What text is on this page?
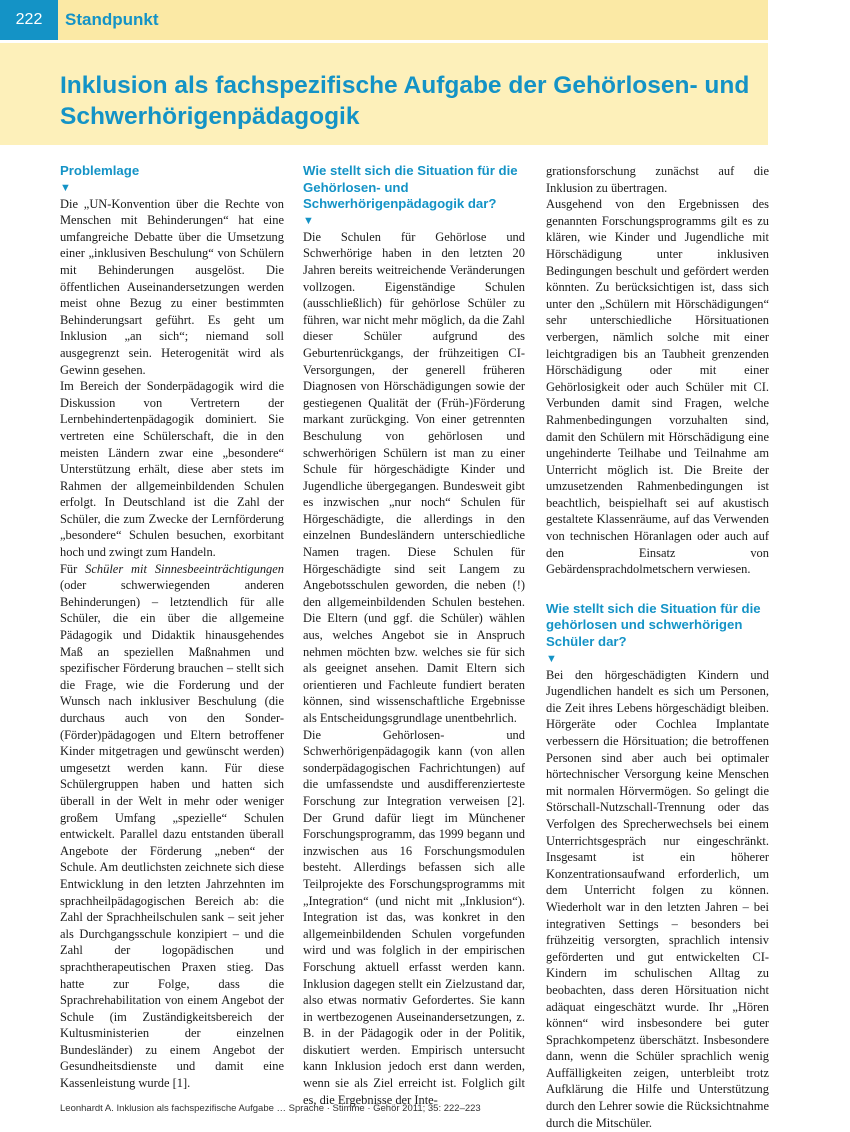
222	Standpunkt
Inklusion als fachspezifische Aufgabe der Gehörlosen- und Schwerhörigenpädagogik
Problemlage
▼

Die „UN-Konvention über die Rechte von Menschen mit Behinderungen“ hat eine umfangreiche Debatte über die Umsetzung einer „inklusiven Beschulung“ von Schülern mit Behinderungen ausgelöst. Die öffentlichen Auseinandersetzungen werden meist ohne Bezug zu einer bestimmten Behinderungsart geführt. Es geht um Inklusion „an sich“; niemand soll ausgegrenzt sein. Heterogenität wird als Gewinn gesehen.

Im Bereich der Sonderpädagogik wird die Diskussion von Vertretern der Lernbehindertenpädagogik dominiert. Sie vertreten eine Schülerschaft, die in den meisten Ländern zwar eine „besondere“ Unterstützung erhält, diese aber stets im Rahmen der allgemeinbildenden Schulen erfolgt. In Deutschland ist die Zahl der Schüler, die zum Zwecke der Lernförderung „besondere“ Schulen besuchen, exorbitant hoch und zwingt zum Handeln.

Für Schüler mit Sinnesbeeinträchtigungen (oder schwerwiegenden anderen Behinderungen) – letztendlich für alle Schüler, die ein über die allgemeine Pädagogik und Didaktik hinausgehendes Maß an speziellen Maßnahmen und spezifischer Förderung brauchen – stellt sich die Frage, wie die Forderung und der Wunsch nach inklusiver Beschulung (die durchaus auch von den Sonder-(Förder)pädagogen und Eltern betroffener Kinder mitgetragen und gewünscht werden) umgesetzt werden kann. Für diese Schülergruppen haben und hatten sich überall in der Welt in mehr oder weniger großem Umfang „spezielle“ Schulen entwickelt. Parallel dazu entstanden überall Angebote der Förderung „neben“ der Schule. Am deutlichsten zeichnete sich diese Entwicklung in den letzten Jahrzehnten im sprachheilpädagogischen Bereich ab: die Zahl der Sprachheilschulen sank – seit jeher als Durchgangsschule konzipiert – und die Zahl der logopädischen und sprachtherapeutischen Praxen stieg. Das hatte zur Folge, dass die Sprachrehabilitation von einem Angebot der Schule (im Zuständigkeitsbereich der Kultusministerien der einzelnen Bundesländer) zu einem Angebot der Gesundheitsdienste und damit eine Kassenleistung wurde [1].

Wie stellt sich die Situation für die Gehörlosen- und Schwerhörigenpädagogik dar?
▼

Die Schulen für Gehörlose und Schwerhörige haben in den letzten 20 Jahren bereits weitreichende Veränderungen vollzogen. Eigenständige Schulen (ausschließlich) für gehörlose Schüler zu führen, war nicht mehr möglich, da die Zahl dieser Schüler aufgrund des Geburtenrückgangs, der frühzeitigen CI-Versorgungen, der generell früheren Diagnosen von Hörschädigungen sowie der gestiegenen Qualität der (Früh-)Förderung markant zurückging. Von einer getrennten Beschulung von gehörlosen und schwerhörigen Schülern ist man zu einer Schule für hörgeschädigte Kinder und Jugendliche übergegangen. Bundesweit gibt es inzwischen „nur noch“ Schulen für Hörgeschädigte, die allerdings in den einzelnen Bundesländern unterschiedliche Namen tragen. Diese Schulen für Hörgeschädigte sind seit Langem zu Angebotsschulen geworden, die neben (!) den allgemeinbildenden Schulen bestehen. Die Eltern (und ggf. die Schüler) wählen aus, welches Angebot sie in Anspruch nehmen möchten bzw. welches sie für sich als geeignet ansehen. Damit Eltern sich orientieren und Fachleute fundiert beraten können, sind wissenschaftliche Ergebnisse als Entscheidungsgrundlage unentbehrlich.

Die Gehörlosen- und Schwerhörigenpädagogik kann (von allen sonderpädagogischen Fachrichtungen) auf die umfassendste und ausdifferenzierteste Forschung zur Integration verweisen [2]. Der Grund dafür liegt im Münchener Forschungsprogramm, das 1999 begann und inzwischen aus 16 Forschungsmodulen besteht. Allerdings befassen sich alle Teilprojekte des Forschungsprogramms mit „Integration“ (und nicht mit „Inklusion“). Integration ist das, was konkret in den allgemeinbildenden Schulen vorgefunden wird und was folglich in der empirischen Forschung aktuell erfasst werden kann. Inklusion dagegen stellt ein Zielzustand dar, also etwas normativ Gefordertes. Sie kann in wertbezogenen Auseinandersetzungen, z. B. in der Pädagogik oder in der Politik, diskutiert werden. Empirisch untersucht kann Inklusion jedoch erst dann werden, wenn sie als Ziel erreicht ist. Folglich gilt es, die Ergebnisse der Inte-

grationsforschung zunächst auf die Inklusion zu übertragen.

Ausgehend von den Ergebnissen des genannten Forschungsprogramms gilt es zu klären, wie Kinder und Jugendliche mit Hörschädigung unter inklusiven Bedingungen beschult und gefördert werden könnten. Zu berücksichtigen ist, dass sich unter den „Schülern mit Hörschädigungen“ sehr unterschiedliche Hörsituationen verbergen, nämlich solche mit einer leichtgradigen bis an Taubheit grenzenden Hörschädigung oder mit einer Gehörlosigkeit oder auch Schüler mit CI. Verbunden damit sind Fragen, welche Rahmenbedingungen vorzuhalten sind, damit den Schülern mit Hörschädigung eine ungehinderte Teilhabe und Teilnahme am Unterricht möglich ist. Die Breite der umzusetzenden Rahmenbedingungen ist beachtlich, beispielhaft sei auf akustisch gestaltete Klassenräume, auf das Verwenden von technischen Höranlagen oder auch auf den Einsatz von Gebärdensprachdolmetschern verwiesen.

Wie stellt sich die Situation für die gehörlosen und schwerhörigen Schüler dar?
▼

Bei den hörgeschädigten Kindern und Jugendlichen handelt es sich um Personen, die Zeit ihres Lebens hörgeschädigt bleiben. Hörgeräte oder Cochlea Implantate verbessern die Hörsituation; die betroffenen Personen sind aber auch bei optimaler hörtechnischer Versorgung keine Menschen mit normalen Hörvermögen. So gelingt die Störschall-Nutzschall-Trennung oder das Verfolgen des Sprecherwechsels bei einem Unterrichtsgespräch nur eingeschränkt. Insgesamt ist ein höherer Konzentrationsaufwand erforderlich, um dem Unterricht folgen zu können. Wiederholt war in den letzten Jahren – bei integrativen Settings – besonders bei frühzeitig versorgten, sprachlich intensiv geförderten und gut entwickelten CI-Kindern im schulischen Alltag zu beobachten, dass deren Hörsituation nicht adäquat eingeschätzt wurde. Ihr „Hören können“ wird insbesondere bei guter Sprachkompetenz überschätzt. Insbesondere dann, wenn die Schüler sprachlich wenig Auffälligkeiten zeigen, unterbleibt trotz Aufklärung die Hilfe und Unterstützung durch den Lehrer sowie die Rücksichtnahme durch die Mitschüler.

Leonhardt A. Inklusion als fachspezifische Aufgabe … Sprache · Stimme · Gehör 2011; 35: 222–223
